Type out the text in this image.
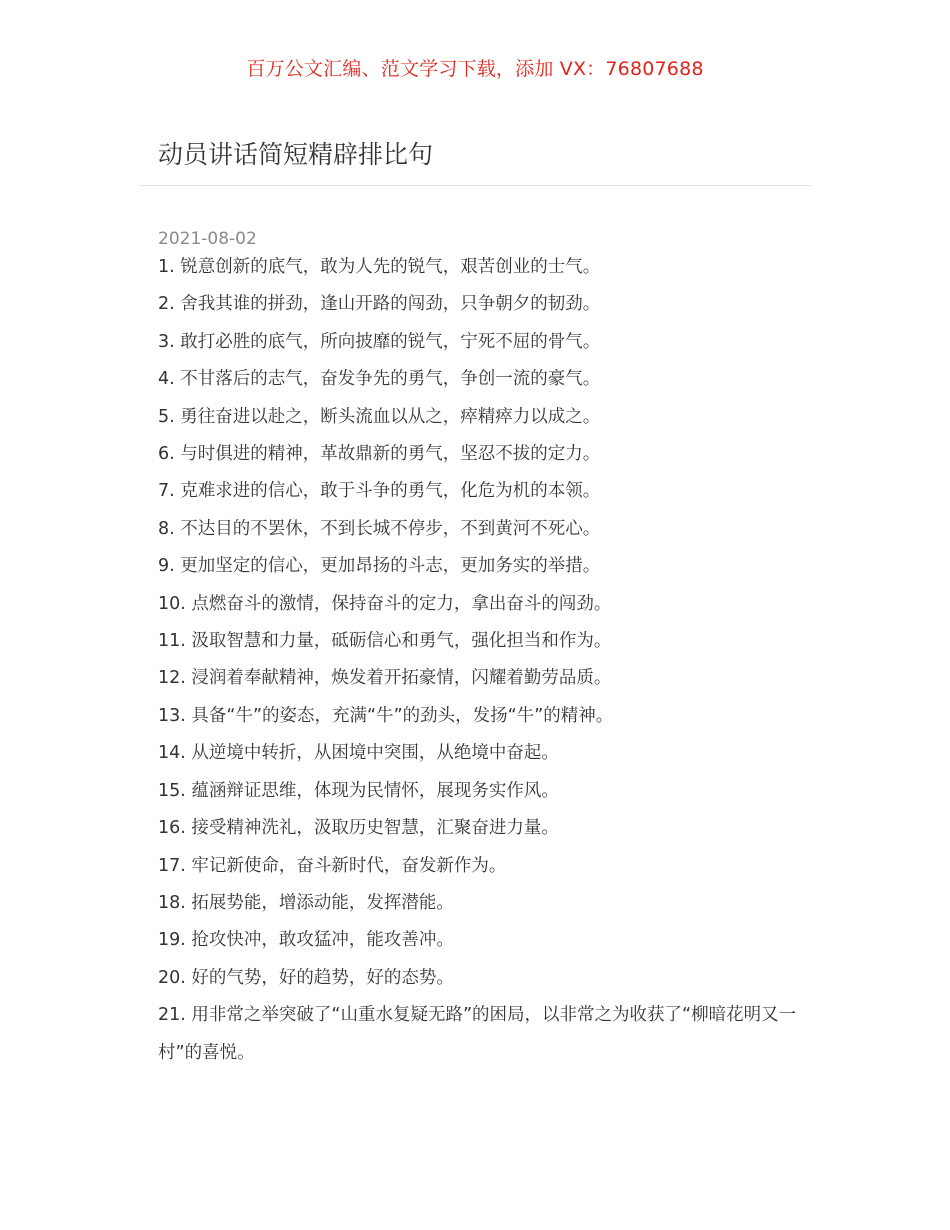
百万公文汇编、范文学习下载，添加 VX：76807688
动员讲话简短精辟排比句
2021-08-02
1. 锐意创新的底气，敢为人先的锐气，艰苦创业的士气。
2. 舍我其谁的拼劲，逢山开路的闯劲，只争朝夕的韧劲。
3. 敢打必胜的底气，所向披靡的锐气，宁死不屈的骨气。
4. 不甘落后的志气，奋发争先的勇气，争创一流的豪气。
5. 勇往奋进以赴之，断头流血以从之，瘁精瘁力以成之。
6. 与时俱进的精神，革故鼎新的勇气，坚忍不拔的定力。
7. 克难求进的信心，敢于斗争的勇气，化危为机的本领。
8. 不达目的不罢休，不到长城不停步，不到黄河不死心。
9. 更加坚定的信心，更加昂扬的斗志，更加务实的举措。
10. 点燃奋斗的激情，保持奋斗的定力，拿出奋斗的闯劲。
11. 汲取智慧和力量，砥砺信心和勇气，强化担当和作为。
12. 浸润着奉献精神，焕发着开拓豪情，闪耀着勤劳品质。
13. 具备“牛”的姿态，充满“牛”的劲头，发扬“牛”的精神。
14. 从逆境中转折，从困境中突围，从绝境中奋起。
15. 蕴涵辩证思维，体现为民情怀，展现务实作风。
16. 接受精神洗礼，汲取历史智慧，汇聚奋进力量。
17. 牢记新使命，奋斗新时代，奋发新作为。
18. 拓展势能，增添动能，发挥潜能。
19. 抢攻快冲，敢攻猛冲，能攻善冲。
20. 好的气势，好的趋势，好的态势。
21. 用非常之举突破了“山重水复疑无路”的困局，以非常之为收获了“柳暗花明又一村”的喜悦。
